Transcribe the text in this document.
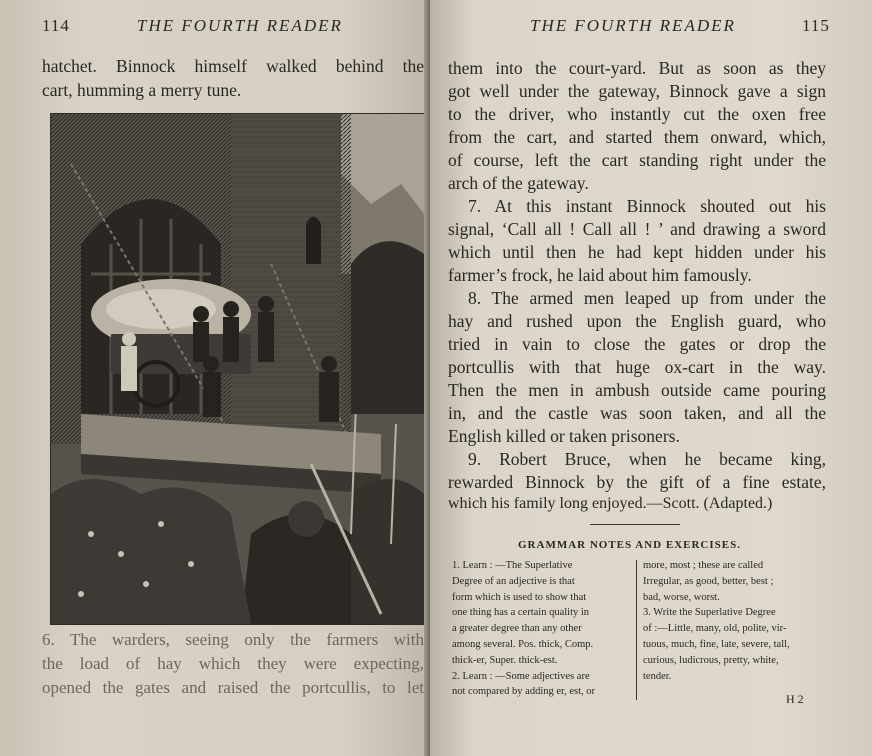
114	THE FOURTH READER
hatchet. Binnock himself walked behind the
cart, humming a merry tune.
6. The warders, seeing only the farmers with
the load of hay which they were expecting,
opened the gates and raised the portcullis, to let
THE FOURTH READER	115
them into the court-yard. But as soon as they
got well under the gateway, Binnock gave a sign
to the driver, who instantly cut the oxen free
from the cart, and started them onward, which,
of course, left the cart standing right under the
arch of the gateway.
7. At this instant Binnock shouted out his
signal, ‘Call all ! Call all ! ’ and drawing a sword
which until then he had kept hidden under his
farmer’s frock, he laid about him famously.
8. The armed men leaped up from under the
hay and rushed upon the English guard, who
tried in vain to close the gates or drop the
portcullis with that huge ox-cart in the way.
Then the men in ambush outside came pouring
in, and the castle was soon taken, and all the
English killed or taken prisoners.
9. Robert Bruce, when he became king,
rewarded Binnock by the gift of a fine estate,
which his family long enjoyed.—Scott. (Adapted.)
GRAMMAR NOTES AND EXERCISES.
1. Learn : —The Superlative
Degree of an adjective is that
form which is used to show that
one thing has a certain quality in
a greater degree than any other
among several. Pos. thick, Comp.
thick-er, Super. thick-est.
2. Learn : —Some adjectives are
not compared by adding er, est, or
more, most ; these are called
Irregular, as good, better, best ;
bad, worse, worst.
3. Write the Superlative Degree
of :—Little, many, old, polite, vir-
tuous, much, fine, late, severe, tall,
curious, ludicrous, pretty, white,
tender.
H 2
